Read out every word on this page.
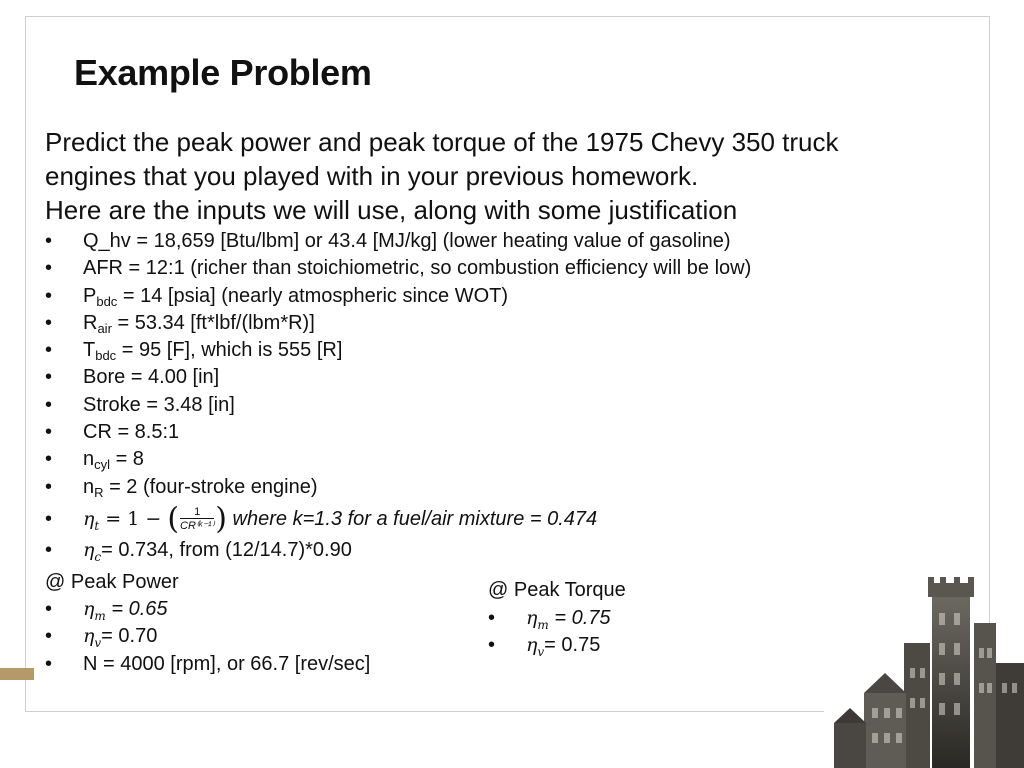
Example Problem
Predict the peak power and peak torque of the 1975 Chevy 350 truck
engines that you played with in your previous homework.
Here are the inputs we will use, along with some justification
• Q_hv = 18,659 [Btu/lbm] or 43.4 [MJ/kg] (lower heating value of gasoline)
• AFR = 12:1 (richer than stoichiometric, so combustion efficiency will be low)
• $P_{bdc} = 14$ [psia] (nearly atmospheric since WOT)
• $R_{air} = 53.34$ [ft*lbf/(lbm*R)]
• $T_{bdc} = 95$ [F], which is 555 [R]
• Bore = 4.00 [in]
• Stroke = 3.48 [in]
• CR = 8.5:1
• $n_{cyl} = 8$
• $n_R = 2$ (four-stroke engine)
• $\eta_t = 1$ − ( $\frac{1}{\text{CR⁽ᵏ⁻¹⁾}}$ ) where k=1.3 for a fuel/air mixture = 0.474
• $\eta_c= 0.734$, from (12/14.7)*0.90
@ Peak Power
• $\eta_m = 0.65$
• $\eta_v= 0.70$
• N = 4000 [rpm], or 66.7 [rev/sec]
@ Peak Torque
• $\eta_m = 0.75$
• $\eta_v= 0.75$
